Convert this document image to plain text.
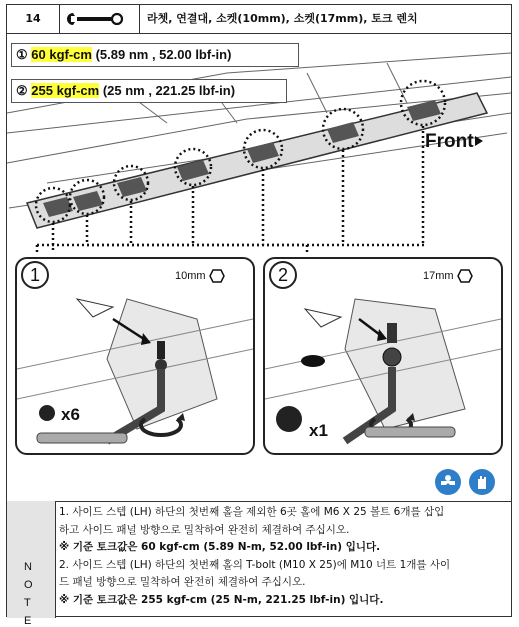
14	라쳇, 연결대, 소켓(10mm), 소켓(17mm), 토크 렌치
① 60 kgf-cm (5.89 nm , 52.00 lbf-in)
② 255 kgf-cm (25 nm , 221.25 lbf-in)
Front
1	10mm
x6
2	17mm
x1
N
O
T
E
1. 사이드 스텝 (LH) 하단의 첫번째 홀을 제외한 6곳 홀에 M6 X 25 볼트 6개를 삽입
하고 사이드 패널 방향으로 밀착하여 완전히 체결하여 주십시오.
※ 기준 토크값은 60 kgf-cm (5.89 N-m, 52.00 lbf-in) 입니다.
2. 사이드 스텝 (LH) 하단의 첫번째 홀의 T-bolt (M10 X 25)에 M10 너트 1개를 사이
드 패널 방향으로 밀착하여 완전히 체결하여 주십시오.
※ 기준 토크값은 255 kgf-cm (25 N-m, 221.25 lbf-in) 입니다.
